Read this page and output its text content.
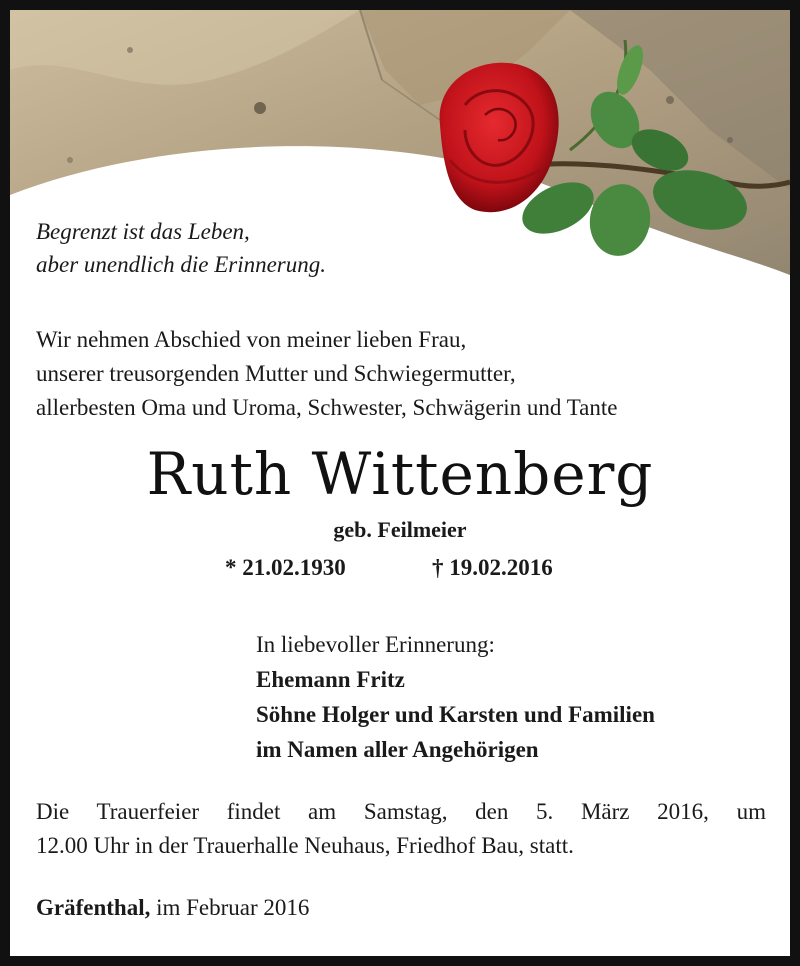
Begrenzt ist das Leben,
aber unendlich die Erinnerung.
Wir nehmen Abschied von meiner lieben Frau,
unserer treusorgenden Mutter und Schwiegermutter,
allerbesten Oma und Uroma, Schwester, Schwägerin und Tante
Ruth Wittenberg
geb. Feilmeier
* 21.02.1930	† 19.02.2016
In liebevoller Erinnerung:
Ehemann Fritz
Söhne Holger und Karsten und Familien
im Namen aller Angehörigen
Die Trauerfeier findet am Samstag, den 5. März 2016, um
12.00 Uhr in der Trauerhalle Neuhaus, Friedhof Bau, statt.
Gräfenthal, im Februar 2016
